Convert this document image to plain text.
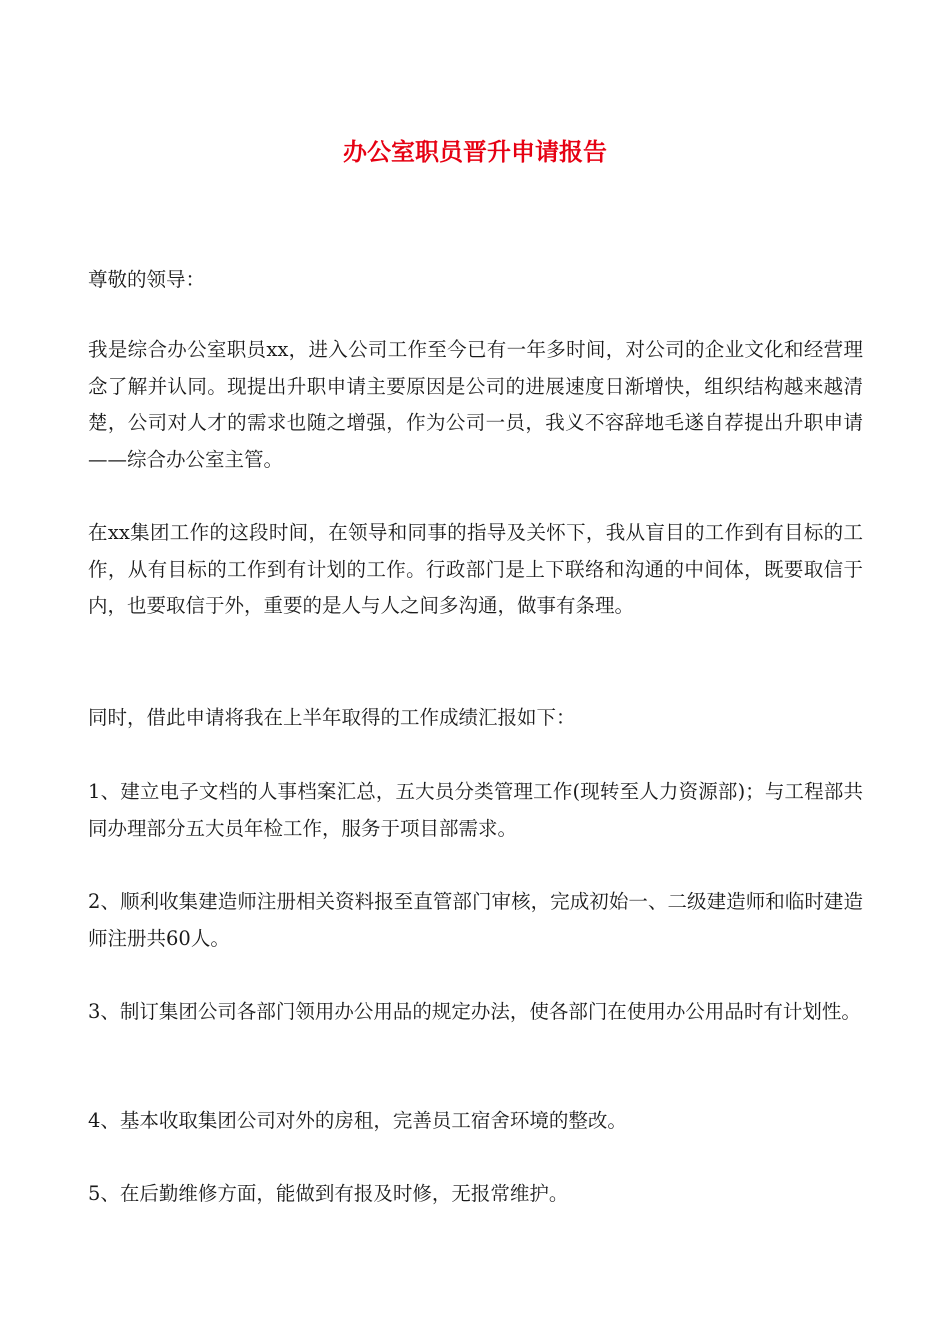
办公室职员晋升申请报告

尊敬的领导：

我是综合办公室职员xx，进入公司工作至今已有一年多时间，对公司的企业文化和经营理念了解并认同。现提出升职申请主要原因是公司的进展速度日渐增快，组织结构越来越清楚，公司对人才的需求也随之增强，作为公司一员，我义不容辞地毛遂自荐提出升职申请——综合办公室主管。

在xx集团工作的这段时间，在领导和同事的指导及关怀下，我从盲目的工作到有目标的工作，从有目标的工作到有计划的工作。行政部门是上下联络和沟通的中间体，既要取信于内，也要取信于外，重要的是人与人之间多沟通，做事有条理。

同时，借此申请将我在上半年取得的工作成绩汇报如下：

1、建立电子文档的人事档案汇总，五大员分类管理工作(现转至人力资源部)；与工程部共同办理部分五大员年检工作，服务于项目部需求。

2、顺利收集建造师注册相关资料报至直管部门审核，完成初始一、二级建造师和临时建造师注册共60人。

3、制订集团公司各部门领用办公用品的规定办法，使各部门在使用办公用品时有计划性。

4、基本收取集团公司对外的房租，完善员工宿舍环境的整改。

5、在后勤维修方面，能做到有报及时修，无报常维护。
